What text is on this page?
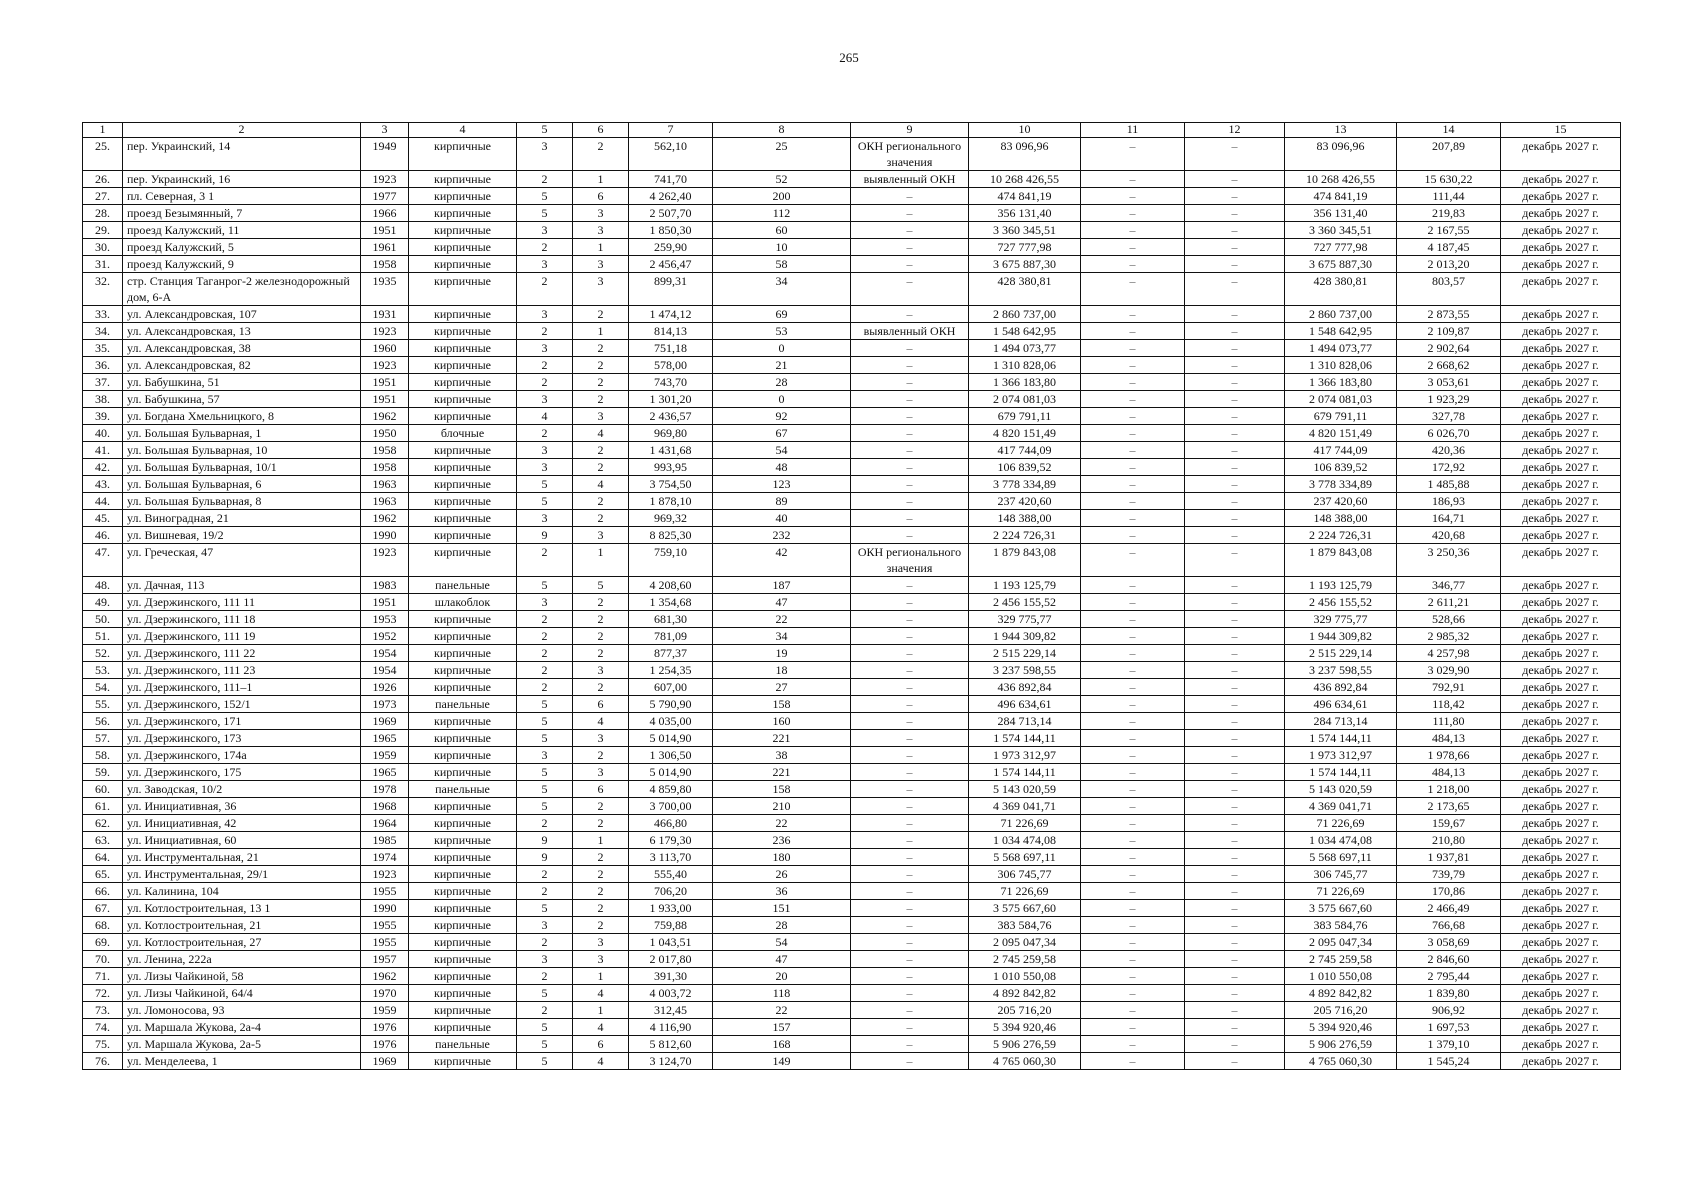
265
1	2	3	4	5	6	7	8	9	10	11	12	13	14	15
25.	пер. Украинский, 14	1949	кирпичные	3	2	562,10	25	ОКН регионального значения	83 096,96	–	–	83 096,96	207,89	декабрь 2027 г.
26.	пер. Украинский, 16	1923	кирпичные	2	1	741,70	52	выявленный ОКН	10 268 426,55	–	–	10 268 426,55	15 630,22	декабрь 2027 г.
27.	пл. Северная, 3 1	1977	кирпичные	5	6	4 262,40	200	–	474 841,19	–	–	474 841,19	111,44	декабрь 2027 г.
28.	проезд Безымянный, 7	1966	кирпичные	5	3	2 507,70	112	–	356 131,40	–	–	356 131,40	219,83	декабрь 2027 г.
29.	проезд Калужский, 11	1951	кирпичные	3	3	1 850,30	60	–	3 360 345,51	–	–	3 360 345,51	2 167,55	декабрь 2027 г.
30.	проезд Калужский, 5	1961	кирпичные	2	1	259,90	10	–	727 777,98	–	–	727 777,98	4 187,45	декабрь 2027 г.
31.	проезд Калужский, 9	1958	кирпичные	3	3	2 456,47	58	–	3 675 887,30	–	–	3 675 887,30	2 013,20	декабрь 2027 г.
32.	стр. Станция Таганрог-2 железнодорожный дом, 6-А	1935	кирпичные	2	3	899,31	34	–	428 380,81	–	–	428 380,81	803,57	декабрь 2027 г.
33.	ул. Александровская, 107	1931	кирпичные	3	2	1 474,12	69	–	2 860 737,00	–	–	2 860 737,00	2 873,55	декабрь 2027 г.
34.	ул. Александровская, 13	1923	кирпичные	2	1	814,13	53	выявленный ОКН	1 548 642,95	–	–	1 548 642,95	2 109,87	декабрь 2027 г.
35.	ул. Александровская, 38	1960	кирпичные	3	2	751,18	0	–	1 494 073,77	–	–	1 494 073,77	2 902,64	декабрь 2027 г.
36.	ул. Александровская, 82	1923	кирпичные	2	2	578,00	21	–	1 310 828,06	–	–	1 310 828,06	2 668,62	декабрь 2027 г.
37.	ул. Бабушкина, 51	1951	кирпичные	2	2	743,70	28	–	1 366 183,80	–	–	1 366 183,80	3 053,61	декабрь 2027 г.
38.	ул. Бабушкина, 57	1951	кирпичные	3	2	1 301,20	0	–	2 074 081,03	–	–	2 074 081,03	1 923,29	декабрь 2027 г.
39.	ул. Богдана Хмельницкого, 8	1962	кирпичные	4	3	2 436,57	92	–	679 791,11	–	–	679 791,11	327,78	декабрь 2027 г.
40.	ул. Большая Бульварная, 1	1950	блочные	2	4	969,80	67	–	4 820 151,49	–	–	4 820 151,49	6 026,70	декабрь 2027 г.
41.	ул. Большая Бульварная, 10	1958	кирпичные	3	2	1 431,68	54	–	417 744,09	–	–	417 744,09	420,36	декабрь 2027 г.
42.	ул. Большая Бульварная, 10/1	1958	кирпичные	3	2	993,95	48	–	106 839,52	–	–	106 839,52	172,92	декабрь 2027 г.
43.	ул. Большая Бульварная, 6	1963	кирпичные	5	4	3 754,50	123	–	3 778 334,89	–	–	3 778 334,89	1 485,88	декабрь 2027 г.
44.	ул. Большая Бульварная, 8	1963	кирпичные	5	2	1 878,10	89	–	237 420,60	–	–	237 420,60	186,93	декабрь 2027 г.
45.	ул. Виноградная, 21	1962	кирпичные	3	2	969,32	40	–	148 388,00	–	–	148 388,00	164,71	декабрь 2027 г.
46.	ул. Вишневая, 19/2	1990	кирпичные	9	3	8 825,30	232	–	2 224 726,31	–	–	2 224 726,31	420,68	декабрь 2027 г.
47.	ул. Греческая, 47	1923	кирпичные	2	1	759,10	42	ОКН регионального значения	1 879 843,08	–	–	1 879 843,08	3 250,36	декабрь 2027 г.
48.	ул. Дачная, 113	1983	панельные	5	5	4 208,60	187	–	1 193 125,79	–	–	1 193 125,79	346,77	декабрь 2027 г.
49.	ул. Дзержинского, 111 11	1951	шлакоблок	3	2	1 354,68	47	–	2 456 155,52	–	–	2 456 155,52	2 611,21	декабрь 2027 г.
50.	ул. Дзержинского, 111 18	1953	кирпичные	2	2	681,30	22	–	329 775,77	–	–	329 775,77	528,66	декабрь 2027 г.
51.	ул. Дзержинского, 111 19	1952	кирпичные	2	2	781,09	34	–	1 944 309,82	–	–	1 944 309,82	2 985,32	декабрь 2027 г.
52.	ул. Дзержинского, 111 22	1954	кирпичные	2	2	877,37	19	–	2 515 229,14	–	–	2 515 229,14	4 257,98	декабрь 2027 г.
53.	ул. Дзержинского, 111 23	1954	кирпичные	2	3	1 254,35	18	–	3 237 598,55	–	–	3 237 598,55	3 029,90	декабрь 2027 г.
54.	ул. Дзержинского, 111–1	1926	кирпичные	2	2	607,00	27	–	436 892,84	–	–	436 892,84	792,91	декабрь 2027 г.
55.	ул. Дзержинского, 152/1	1973	панельные	5	6	5 790,90	158	–	496 634,61	–	–	496 634,61	118,42	декабрь 2027 г.
56.	ул. Дзержинского, 171	1969	кирпичные	5	4	4 035,00	160	–	284 713,14	–	–	284 713,14	111,80	декабрь 2027 г.
57.	ул. Дзержинского, 173	1965	кирпичные	5	3	5 014,90	221	–	1 574 144,11	–	–	1 574 144,11	484,13	декабрь 2027 г.
58.	ул. Дзержинского, 174а	1959	кирпичные	3	2	1 306,50	38	–	1 973 312,97	–	–	1 973 312,97	1 978,66	декабрь 2027 г.
59.	ул. Дзержинского, 175	1965	кирпичные	5	3	5 014,90	221	–	1 574 144,11	–	–	1 574 144,11	484,13	декабрь 2027 г.
60.	ул. Заводская, 10/2	1978	панельные	5	6	4 859,80	158	–	5 143 020,59	–	–	5 143 020,59	1 218,00	декабрь 2027 г.
61.	ул. Инициативная, 36	1968	кирпичные	5	2	3 700,00	210	–	4 369 041,71	–	–	4 369 041,71	2 173,65	декабрь 2027 г.
62.	ул. Инициативная, 42	1964	кирпичные	2	2	466,80	22	–	71 226,69	–	–	71 226,69	159,67	декабрь 2027 г.
63.	ул. Инициативная, 60	1985	кирпичные	9	1	6 179,30	236	–	1 034 474,08	–	–	1 034 474,08	210,80	декабрь 2027 г.
64.	ул. Инструментальная, 21	1974	кирпичные	9	2	3 113,70	180	–	5 568 697,11	–	–	5 568 697,11	1 937,81	декабрь 2027 г.
65.	ул. Инструментальная, 29/1	1923	кирпичные	2	2	555,40	26	–	306 745,77	–	–	306 745,77	739,79	декабрь 2027 г.
66.	ул. Калинина, 104	1955	кирпичные	2	2	706,20	36	–	71 226,69	–	–	71 226,69	170,86	декабрь 2027 г.
67.	ул. Котлостроительная, 13 1	1990	кирпичные	5	2	1 933,00	151	–	3 575 667,60	–	–	3 575 667,60	2 466,49	декабрь 2027 г.
68.	ул. Котлостроительная, 21	1955	кирпичные	3	2	759,88	28	–	383 584,76	–	–	383 584,76	766,68	декабрь 2027 г.
69.	ул. Котлостроительная, 27	1955	кирпичные	2	3	1 043,51	54	–	2 095 047,34	–	–	2 095 047,34	3 058,69	декабрь 2027 г.
70.	ул. Ленина, 222а	1957	кирпичные	3	3	2 017,80	47	–	2 745 259,58	–	–	2 745 259,58	2 846,60	декабрь 2027 г.
71.	ул. Лизы Чайкиной, 58	1962	кирпичные	2	1	391,30	20	–	1 010 550,08	–	–	1 010 550,08	2 795,44	декабрь 2027 г.
72.	ул. Лизы Чайкиной, 64/4	1970	кирпичные	5	4	4 003,72	118	–	4 892 842,82	–	–	4 892 842,82	1 839,80	декабрь 2027 г.
73.	ул. Ломоносова, 93	1959	кирпичные	2	1	312,45	22	–	205 716,20	–	–	205 716,20	906,92	декабрь 2027 г.
74.	ул. Маршала Жукова, 2а-4	1976	кирпичные	5	4	4 116,90	157	–	5 394 920,46	–	–	5 394 920,46	1 697,53	декабрь 2027 г.
75.	ул. Маршала Жукова, 2а-5	1976	панельные	5	6	5 812,60	168	–	5 906 276,59	–	–	5 906 276,59	1 379,10	декабрь 2027 г.
76.	ул. Менделеева, 1	1969	кирпичные	5	4	3 124,70	149	–	4 765 060,30	–	–	4 765 060,30	1 545,24	декабрь 2027 г.
